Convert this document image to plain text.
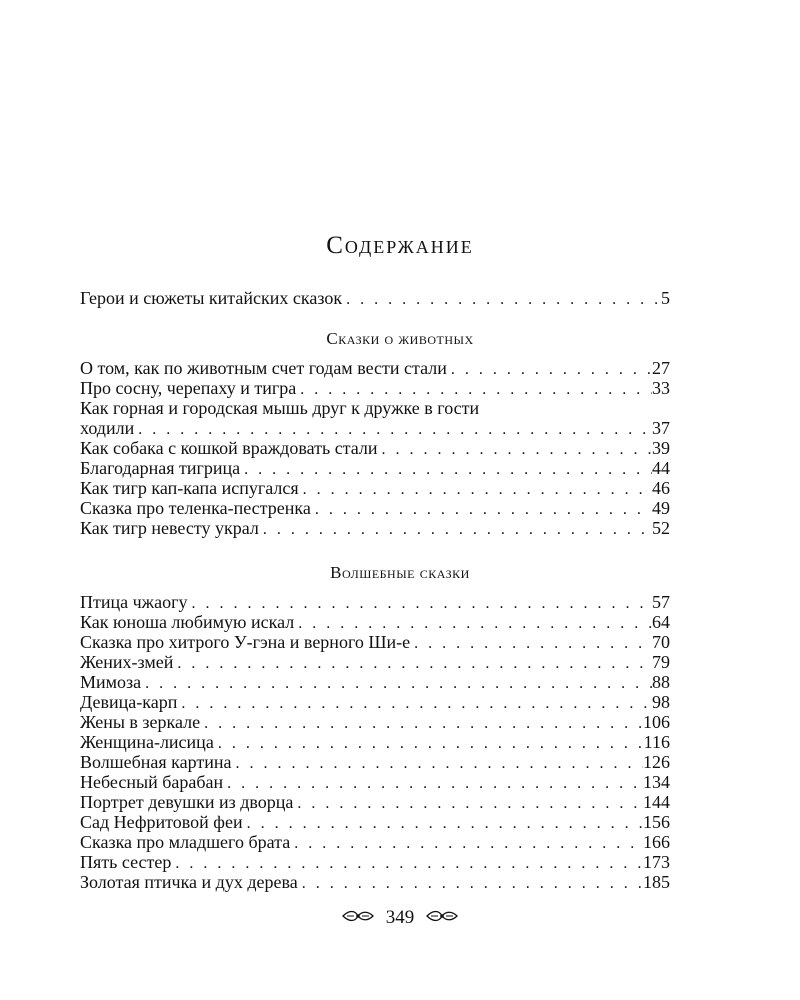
Содержание
Герои и сюжеты китайских сказок . . .	5
Сказки о животных
О том, как по животным счет годам вести стали . . .	27
Про сосну, черепаху и тигра . . .	33
Как горная и городская мышь друг к дружке в гости
ходили . . .	37
Как собака с кошкой враждовать стали . . .	39
Благодарная тигрица . . .	44
Как тигр кап-капа испугался . . .	46
Сказка про теленка-пестренка . . .	49
Как тигр невесту украл . . .	52
Волшебные сказки
Птица чжаогу . . .	57
Как юноша любимую искал . . .	64
Сказка про хитрого У-гэна и верного Ши-е . . .	70
Жених-змей . . .	79
Мимоза . . .	88
Девица-карп . . .	98
Жены в зеркале . . .	106
Женщина-лисица . . .	116
Волшебная картина . . .	126
Небесный барабан . . .	134
Портрет девушки из дворца . . .	144
Сад Нефритовой феи . . .	156
Сказка про младшего брата . . .	166
Пять сестер . . .	173
Золотая птичка и дух дерева . . .	185
349
